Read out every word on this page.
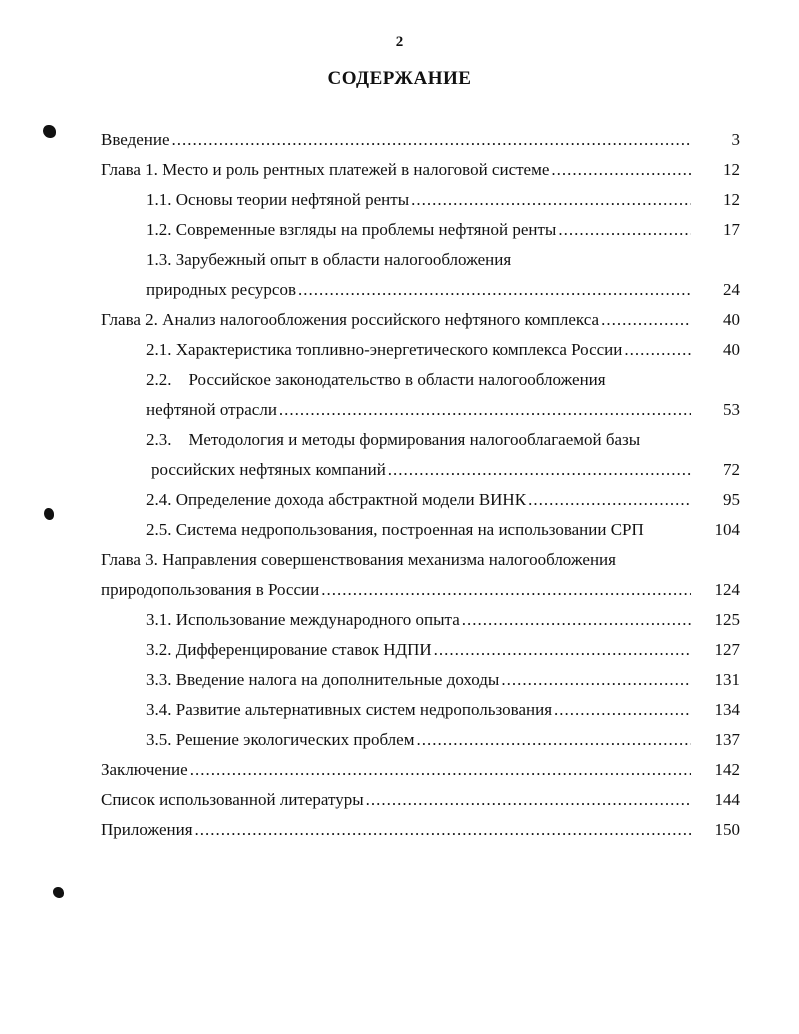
2
СОДЕРЖАНИЕ
Введение .....	3
Глава 1. Место и роль рентных платежей в налоговой системе .....	12
1.1. Основы теории нефтяной ренты .....	12
1.2. Современные взгляды на проблемы нефтяной ренты .....	17
1.3. Зарубежный опыт в области налогообложения
природных ресурсов .....	24
Глава 2. Анализ налогообложения российского нефтяного комплекса .....	40
2.1. Характеристика топливно-энергетического комплекса России .....	40
2.2.    Российское законодательство в области налогообложения
нефтяной отрасли .....	53
2.3.    Методология и методы формирования налогооблагаемой базы
российских нефтяных компаний .....	72
2.4. Определение дохода абстрактной модели ВИНК .....	95
2.5. Система недропользования, построенная на использовании СРП	104
Глава 3. Направления совершенствования механизма налогообложения
природопользования в России .....	124
3.1. Использование международного опыта .....	125
3.2. Дифференцирование ставок НДПИ .....	127
3.3. Введение налога на дополнительные доходы .....	131
3.4. Развитие альтернативных систем недропользования .....	134
3.5. Решение экологических проблем .....	137
Заключение .....	142
Список использованной литературы .....	144
Приложения .....	150
